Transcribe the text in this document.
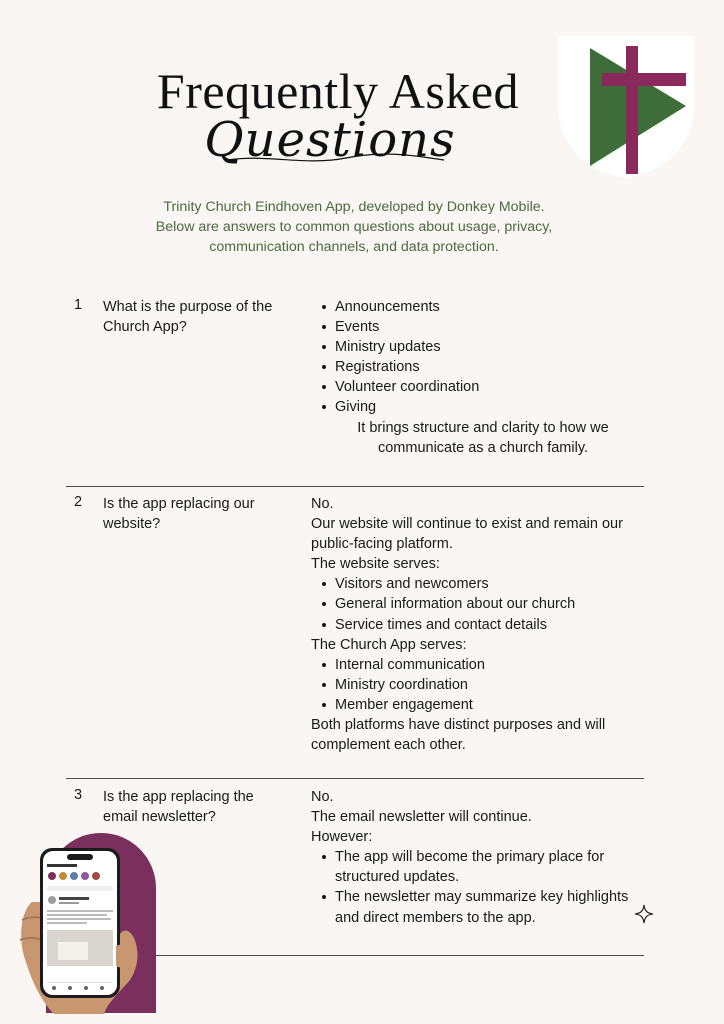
Frequently Asked
Questions
Trinity Church Eindhoven App, developed by Donkey Mobile.
Below are answers to common questions about usage, privacy,
communication channels, and data protection.
1 What is the purpose of the
Church App?
Announcements
Events
Ministry updates
Registrations
Volunteer coordination
Giving
It brings structure and clarity to how we
communicate as a church family.
2 Is the app replacing our
website?
No.
Our website will continue to exist and remain our
public-facing platform.
The website serves:
Visitors and newcomers
General information about our church
Service times and contact details
The Church App serves:
Internal communication
Ministry coordination
Member engagement
Both platforms have distinct purposes and will
complement each other.
3 Is the app replacing the
email newsletter?
No.
The email newsletter will continue.
However:
The app will become the primary place for
structured updates.
The newsletter may summarize key highlights
and direct members to the app.
